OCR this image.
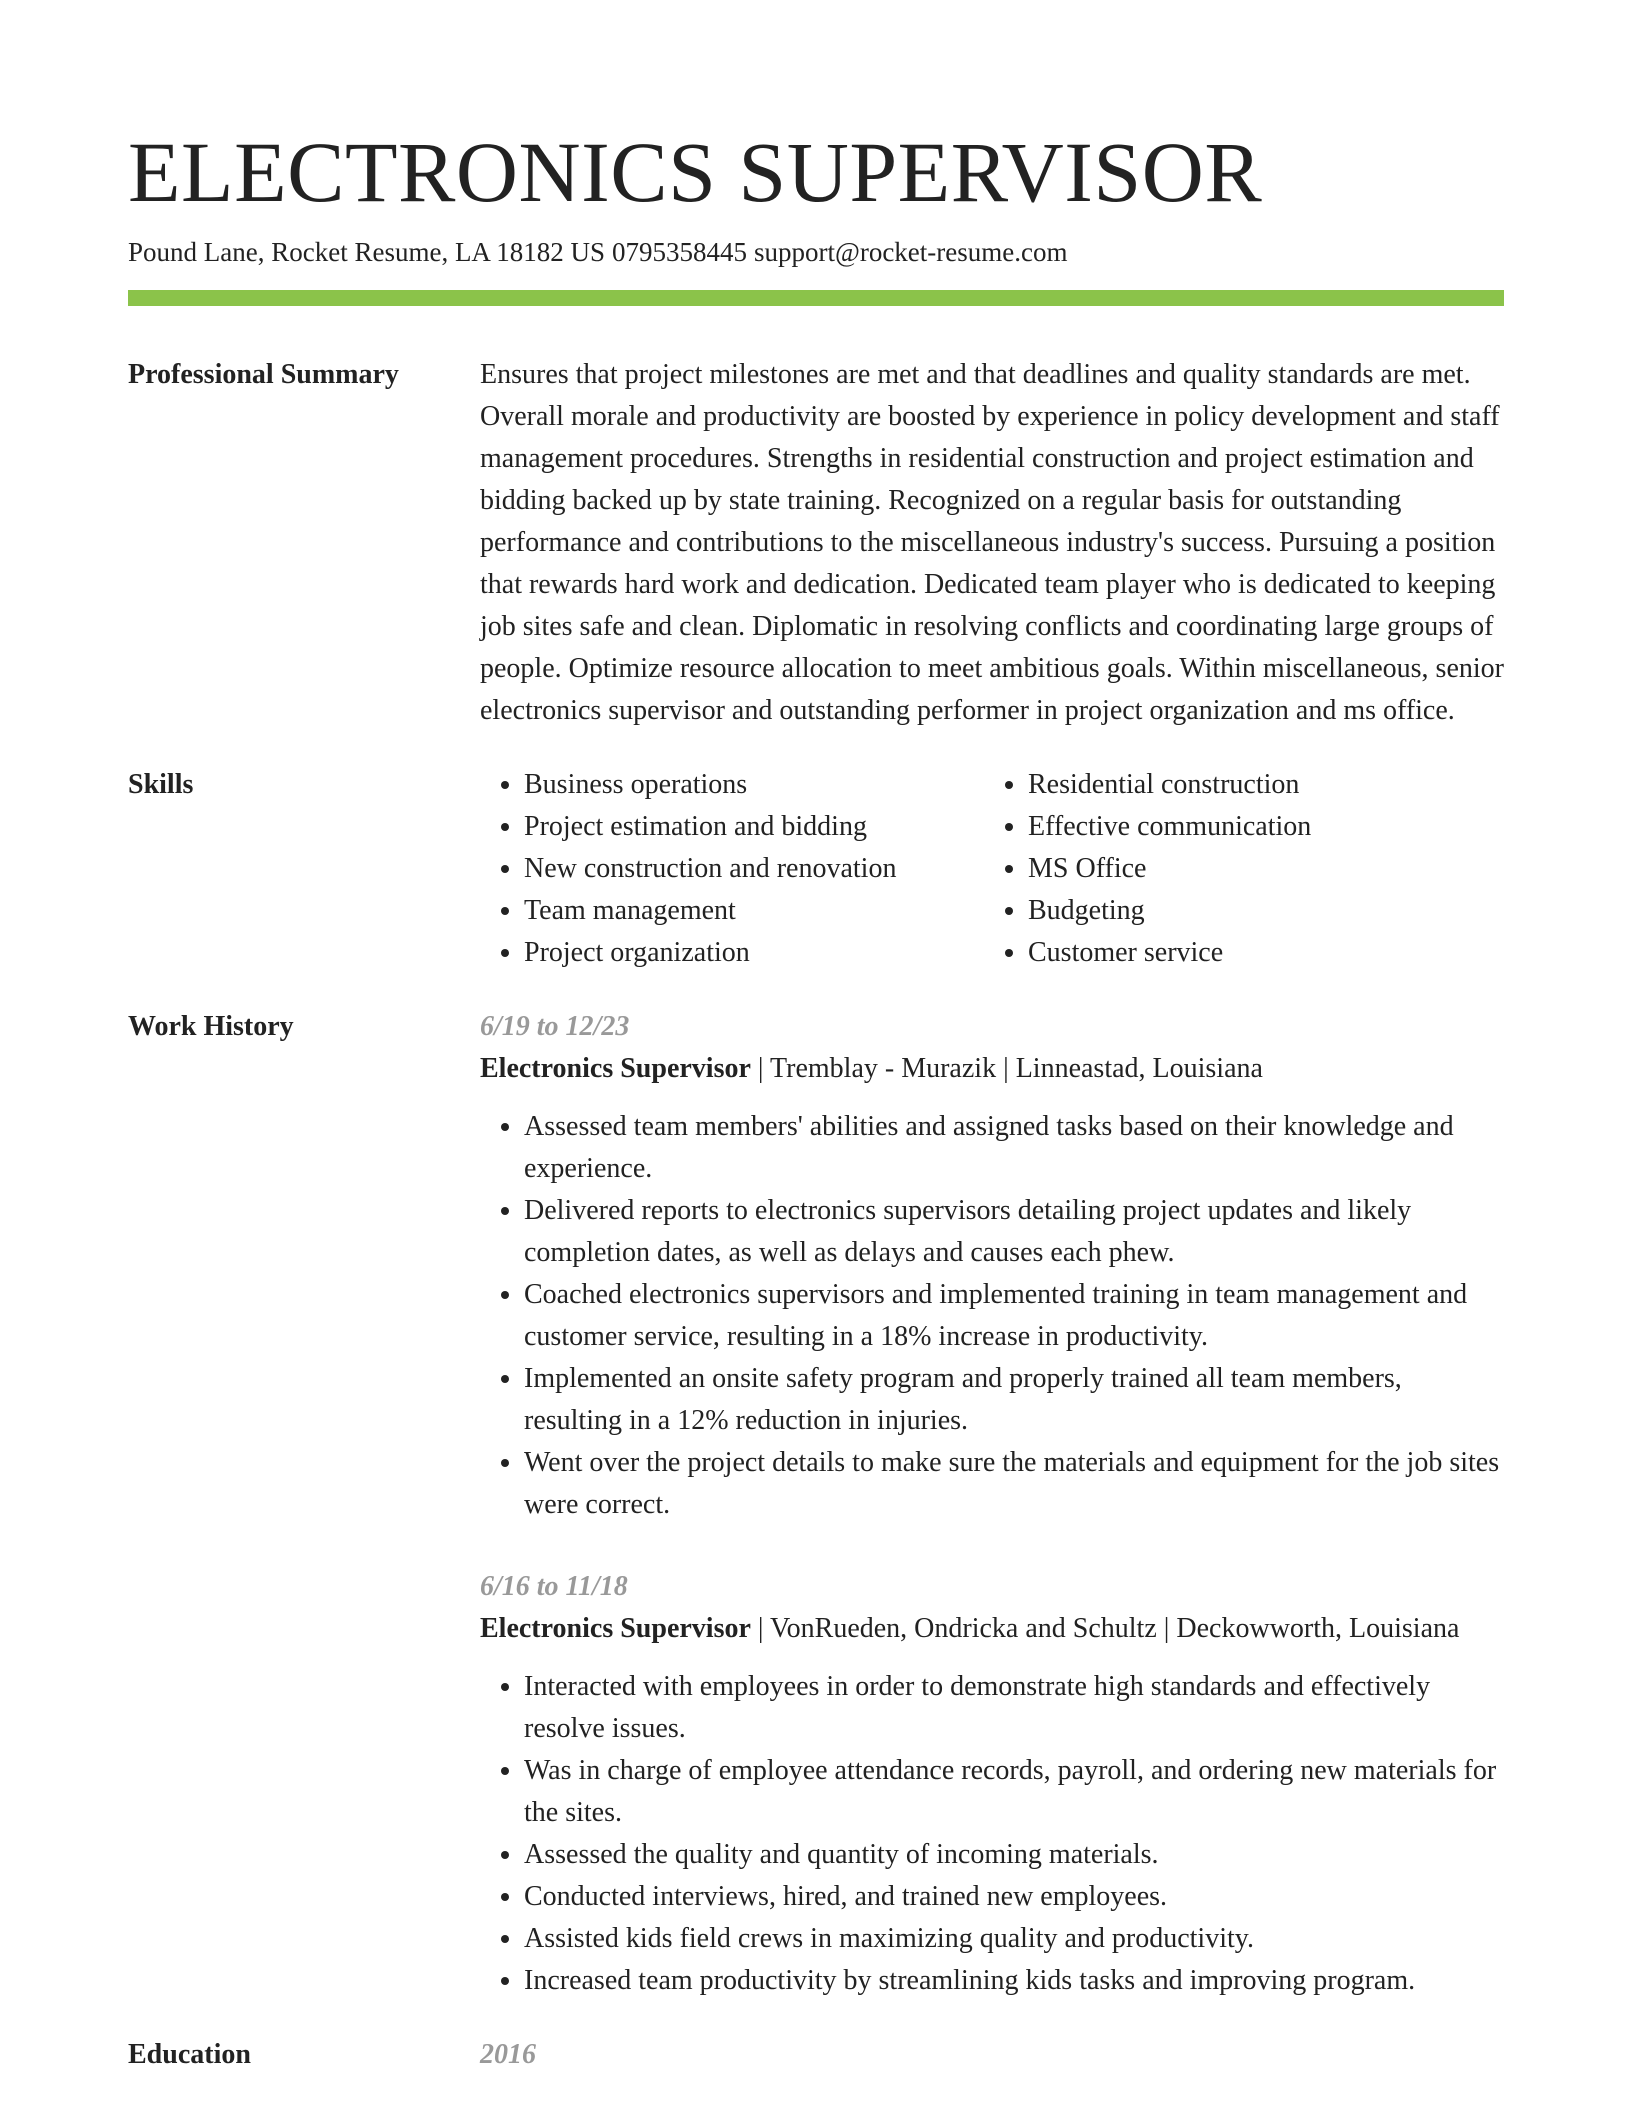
ELECTRONICS SUPERVISOR
Pound Lane, Rocket Resume, LA 18182 US 0795358445 support@rocket-resume.com
Professional Summary	Ensures that project milestones are met and that deadlines and quality standards are met. Overall morale and productivity are boosted by experience in policy development and staff management procedures. Strengths in residential construction and project estimation and bidding backed up by state training. Recognized on a regular basis for outstanding performance and contributions to the miscellaneous industry's success. Pursuing a position that rewards hard work and dedication. Dedicated team player who is dedicated to keeping job sites safe and clean. Diplomatic in resolving conflicts and coordinating large groups of people. Optimize resource allocation to meet ambitious goals. Within miscellaneous, senior electronics supervisor and outstanding performer in project organization and ms office.

Skills
•	Business operations
• Project estimation and bidding
• New construction and renovation
• Team management
• Project organization
• Residential construction
• Effective communication
• MS Office
• Budgeting
• Customer service
Work History	6/19 to 12/23
Electronics Supervisor | Tremblay - Murazik | Linneastad, Louisiana
• Assessed team members' abilities and assigned tasks based on their knowledge and experience.
• Delivered reports to electronics supervisors detailing project updates and likely completion dates, as well as delays and causes each phew.
• Coached electronics supervisors and implemented training in team management and customer service, resulting in a 18% increase in productivity.
• Implemented an onsite safety program and properly trained all team members, resulting in a 12% reduction in injuries.
• Went over the project details to make sure the materials and equipment for the job sites were correct.
6/16 to 11/18
Electronics Supervisor | VonRueden, Ondricka and Schultz | Deckowworth, Louisiana
• Interacted with employees in order to demonstrate high standards and effectively resolve issues.
• Was in charge of employee attendance records, payroll, and ordering new materials for the sites.
• Assessed the quality and quantity of incoming materials.
• Conducted interviews, hired, and trained new employees.
• Assisted kids field crews in maximizing quality and productivity.
• Increased team productivity by streamlining kids tasks and improving program.
Education	2016
